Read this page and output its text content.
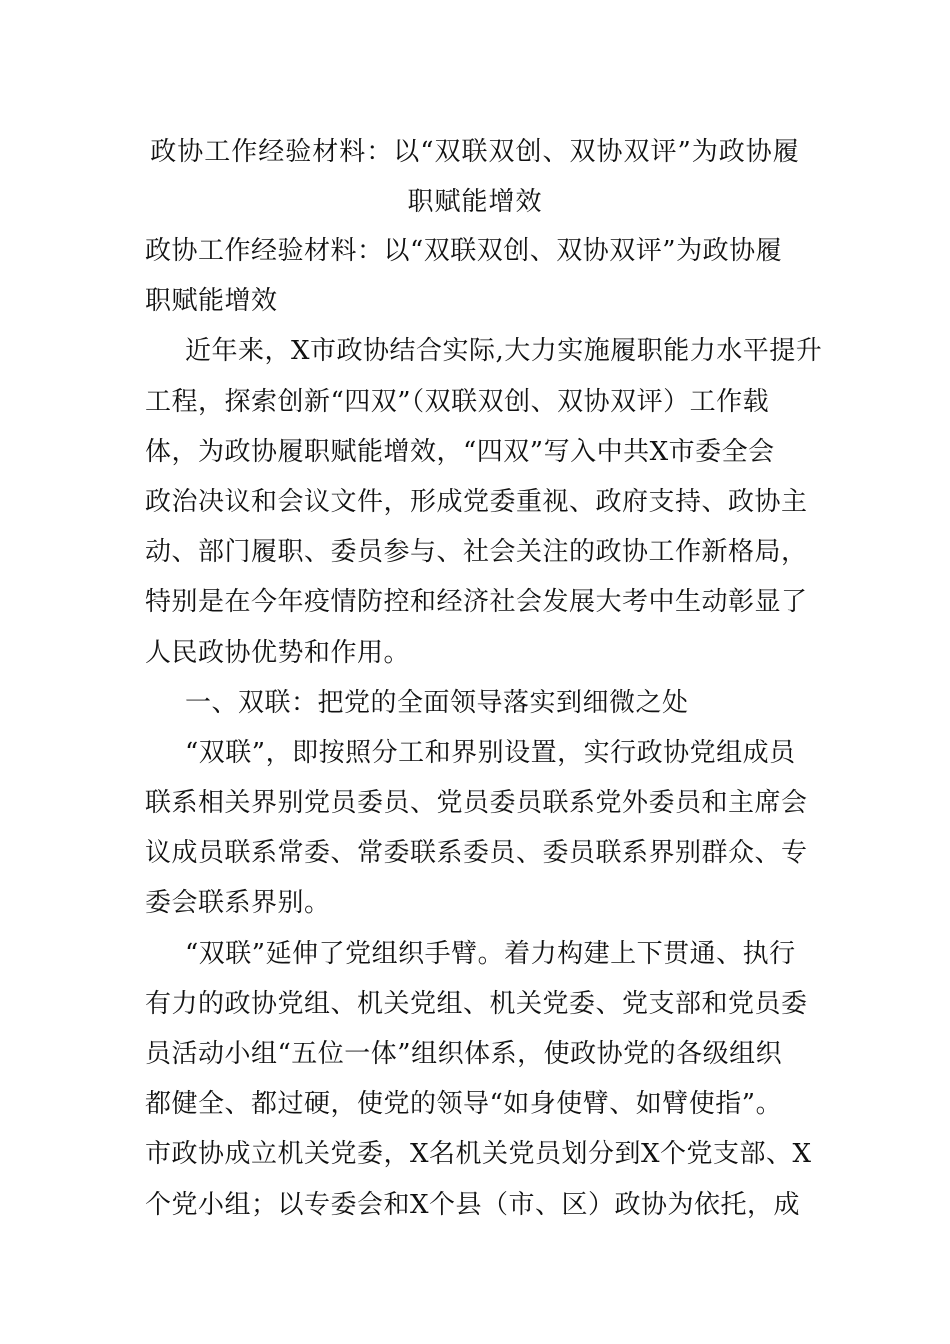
政协工作经验材料：以“双联双创、双协双评”为政协履
职赋能增效
政协工作经验材料：以“双联双创、双协双评”为政协履
职赋能增效
近年来，X市政协结合实际,大力实施履职能力水平提升
工程，探索创新“四双”（双联双创、双协双评）工作载
体，为政协履职赋能增效，“四双”写入中共X市委全会
政治决议和会议文件，形成党委重视、政府支持、政协主
动、部门履职、委员参与、社会关注的政协工作新格局，
特别是在今年疫情防控和经济社会发展大考中生动彰显了
人民政协优势和作用。
一、双联：把党的全面领导落实到细微之处
“双联”，即按照分工和界别设置，实行政协党组成员
联系相关界别党员委员、党员委员联系党外委员和主席会
议成员联系常委、常委联系委员、委员联系界别群众、专
委会联系界别。
“双联”延伸了党组织手臂。着力构建上下贯通、执行
有力的政协党组、机关党组、机关党委、党支部和党员委
员活动小组“五位一体”组织体系，使政协党的各级组织
都健全、都过硬，使党的领导“如身使臂、如臂使指”。
市政协成立机关党委，X名机关党员划分到X个党支部、X
个党小组；以专委会和X个县（市、区）政协为依托，成
